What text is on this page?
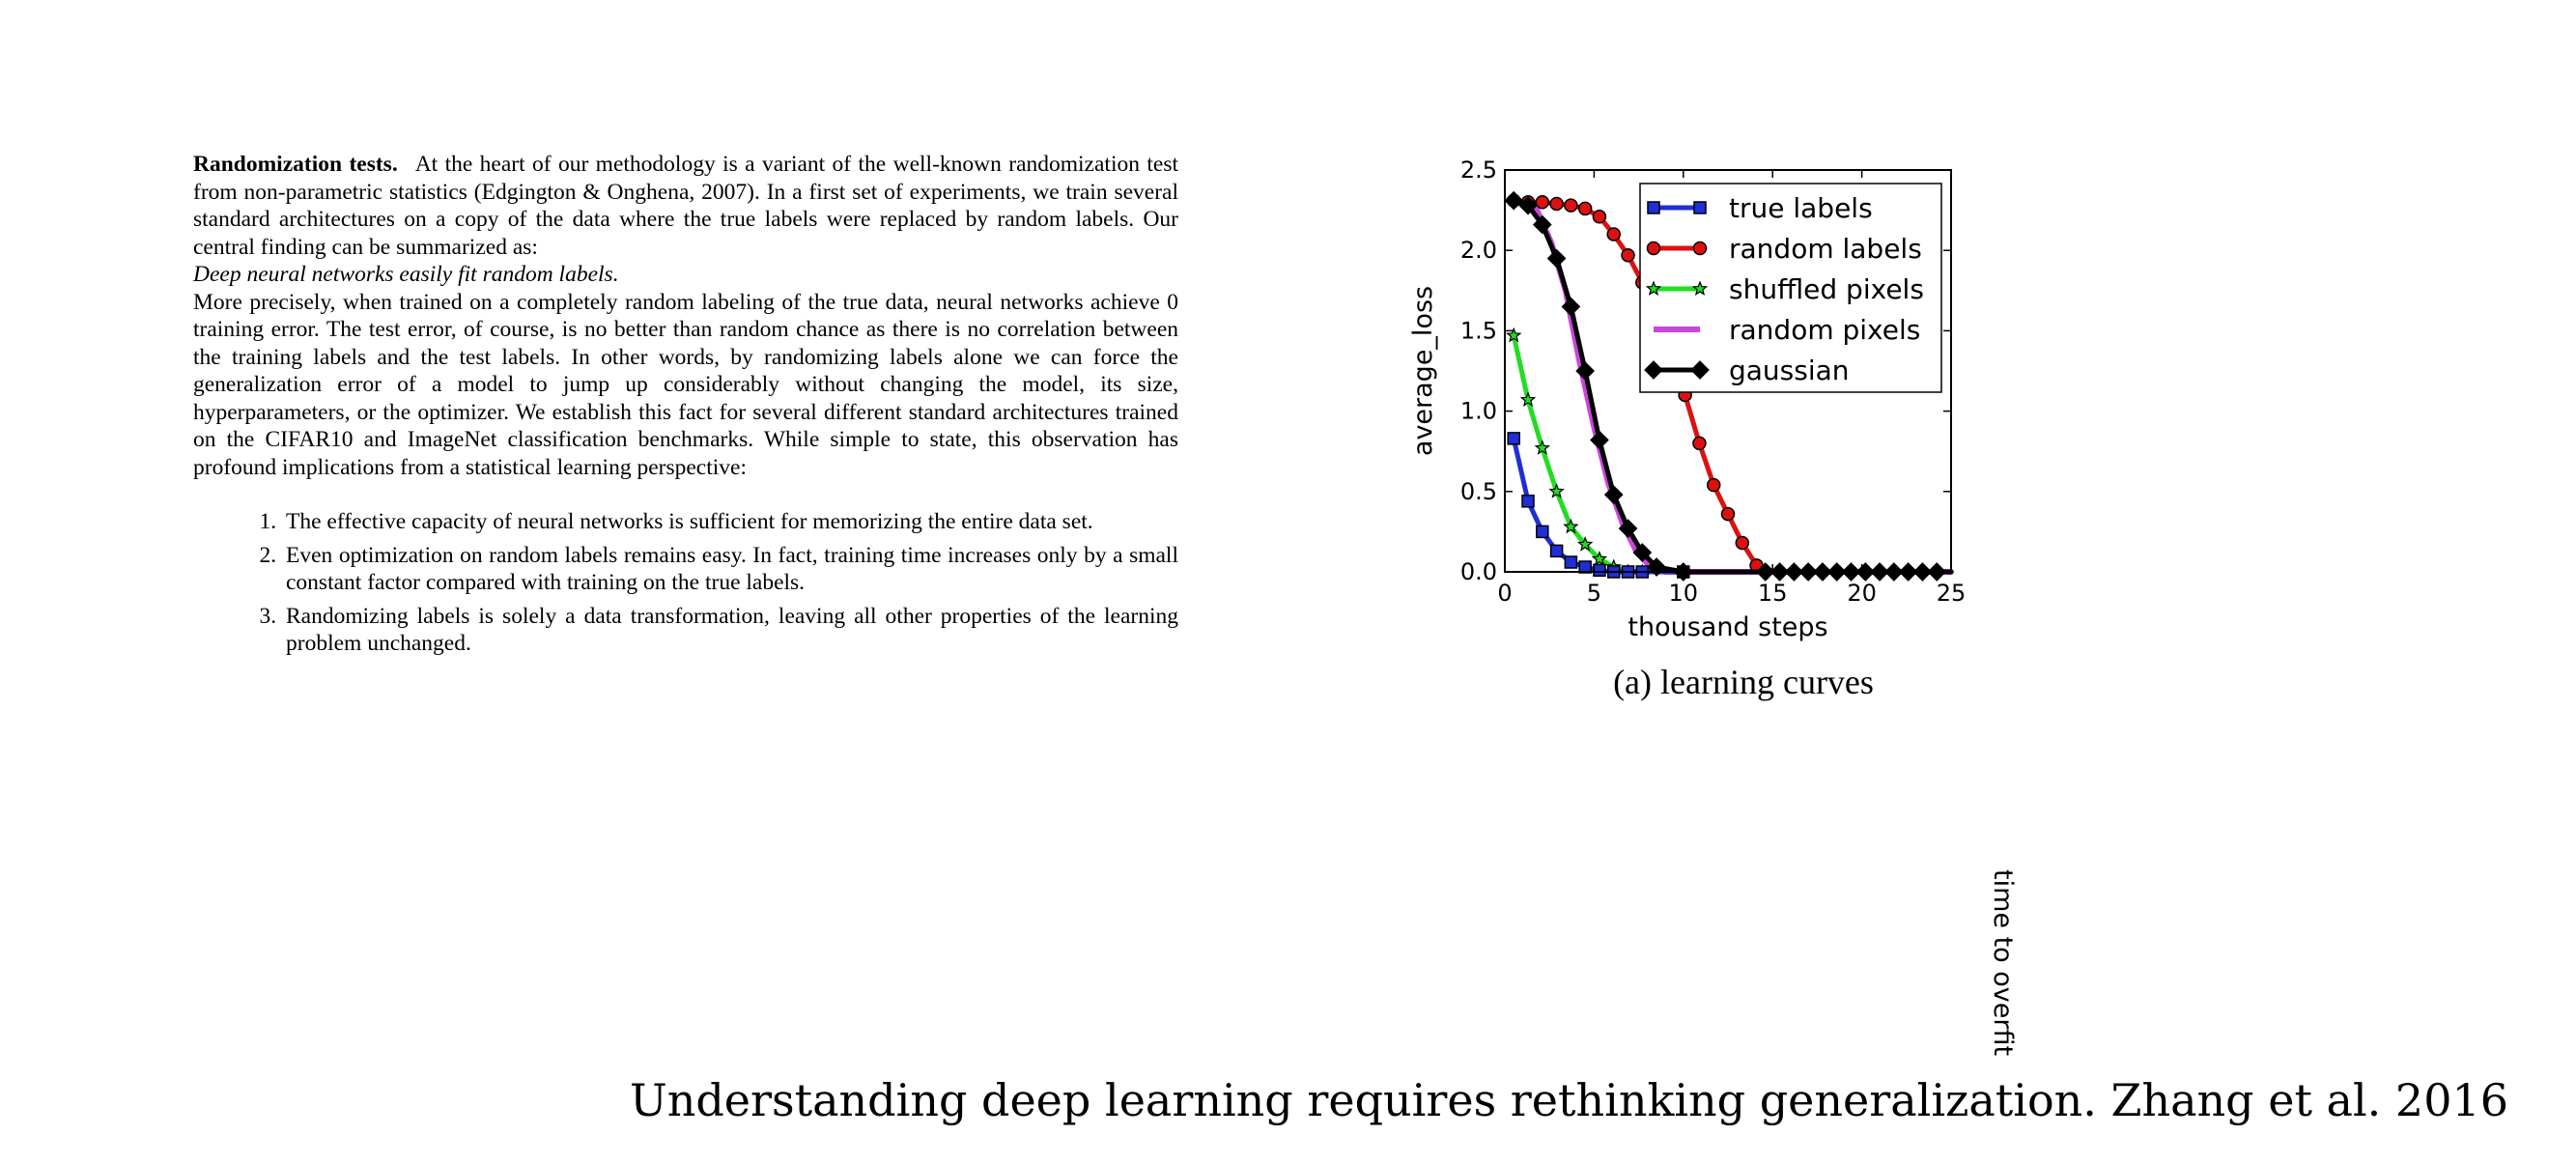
Randomization tests. At the heart of our methodology is a variant of the well-known randomization test from non-parametric statistics (Edgington & Onghena, 2007). In a first set of experiments, we train several standard architectures on a copy of the data where the true labels were replaced by random labels. Our central finding can be summarized as:

Deep neural networks easily fit random labels.

More precisely, when trained on a completely random labeling of the true data, neural networks achieve 0 training error. The test error, of course, is no better than random chance as there is no correlation between the training labels and the test labels. In other words, by randomizing labels alone we can force the generalization error of a model to jump up considerably without changing the model, its size, hyperparameters, or the optimizer. We establish this fact for several different standard architectures trained on the CIFAR10 and ImageNet classification benchmarks. While simple to state, this observation has profound implications from a statistical learning perspective:

1. The effective capacity of neural networks is sufficient for memorizing the entire data set.
2. Even optimization on random labels remains easy. In fact, training time increases only by a small constant factor compared with training on the true labels.
3. Randomizing labels is solely a data transformation, leaving all other properties of the learning problem unchanged.
time to overfit
0	5	10	15	20	25
0.0
0.5
1.0
1.5
2.0
2.5
thousand steps
average_loss
true labels
random labels
shuffled pixels
random pixels
gaussian
(a) learning curves
Understanding deep learning requires rethinking generalization. Zhang et al. 2016
